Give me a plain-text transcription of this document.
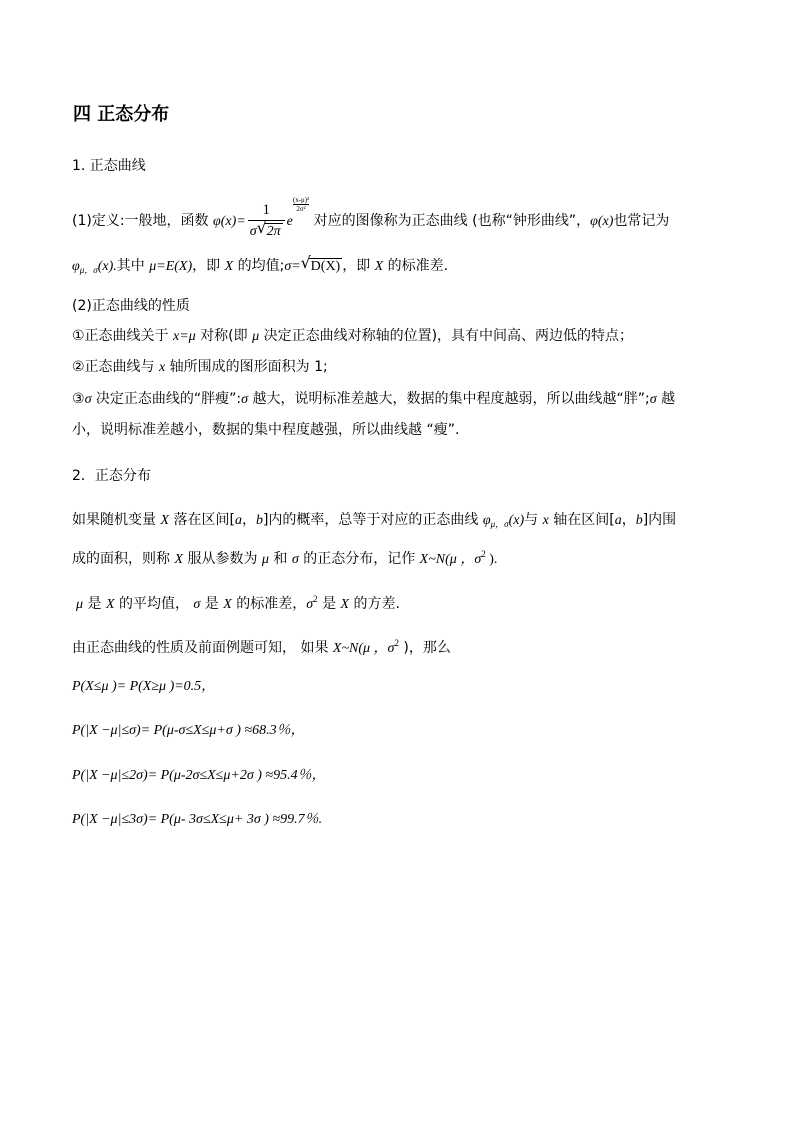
四 正态分布
1. 正态曲线
(1)定义:一般地，函数 $\varphi(x)= \frac{1}{\sigma √ 2\pi}$ e
$\frac{\text{(x-μ)²}}{\text{2σ²}}$ 对应的图像称为正态曲线 (也称“钟形曲线”，φ(x)也常记为
$\varphi_{\mu,\sigma}(x)$.其中 μ=E(X)，即 X 的均值;σ= √ D(X) ，即 X 的标准差.
(2)正态曲线的性质
①正态曲线关于 x=μ 对称(即 μ 决定正态曲线对称轴的位置)，具有中间高、两边低的特点；
②正态曲线与 x 轴所围成的图形面积为 1;
③σ 决定正态曲线的“胖瘦”:σ 越大，说明标准差越大，数据的集中程度越弱，所以曲线越“胖”;σ 越
小，说明标准差越小，数据的集中程度越强，所以曲线越 “瘦”.
2．正态分布
如果随机变量 X 落在区间[a，b]内的概率，总等于对应的正态曲线 $\varphi_{\mu,\sigma}(x)$与 x 轴在区间[a，b]内围
成的面积，则称 X 服从参数为 μ 和 σ 的正态分布，记作 X~N(μ ，$\sigma^2$ ).
μ 是 X 的平均值， σ 是 X 的标准差，$\sigma^2$ 是 X 的方差.
由正态曲线的性质及前面例题可知， 如果 X~N(μ ，$\sigma^2$ )，那么
P(X≤μ )= P(X≥μ )=0.5，
P(|X −μ|≤σ)= P(μ-σ≤X≤μ+σ ) ≈68.3％，
P(|X −μ|≤2σ)= P(μ-2σ≤X≤μ+2σ ) ≈95.4％，
P(|X −μ|≤3σ)= P(μ- 3σ≤X≤μ+ 3σ ) ≈99.7％.
